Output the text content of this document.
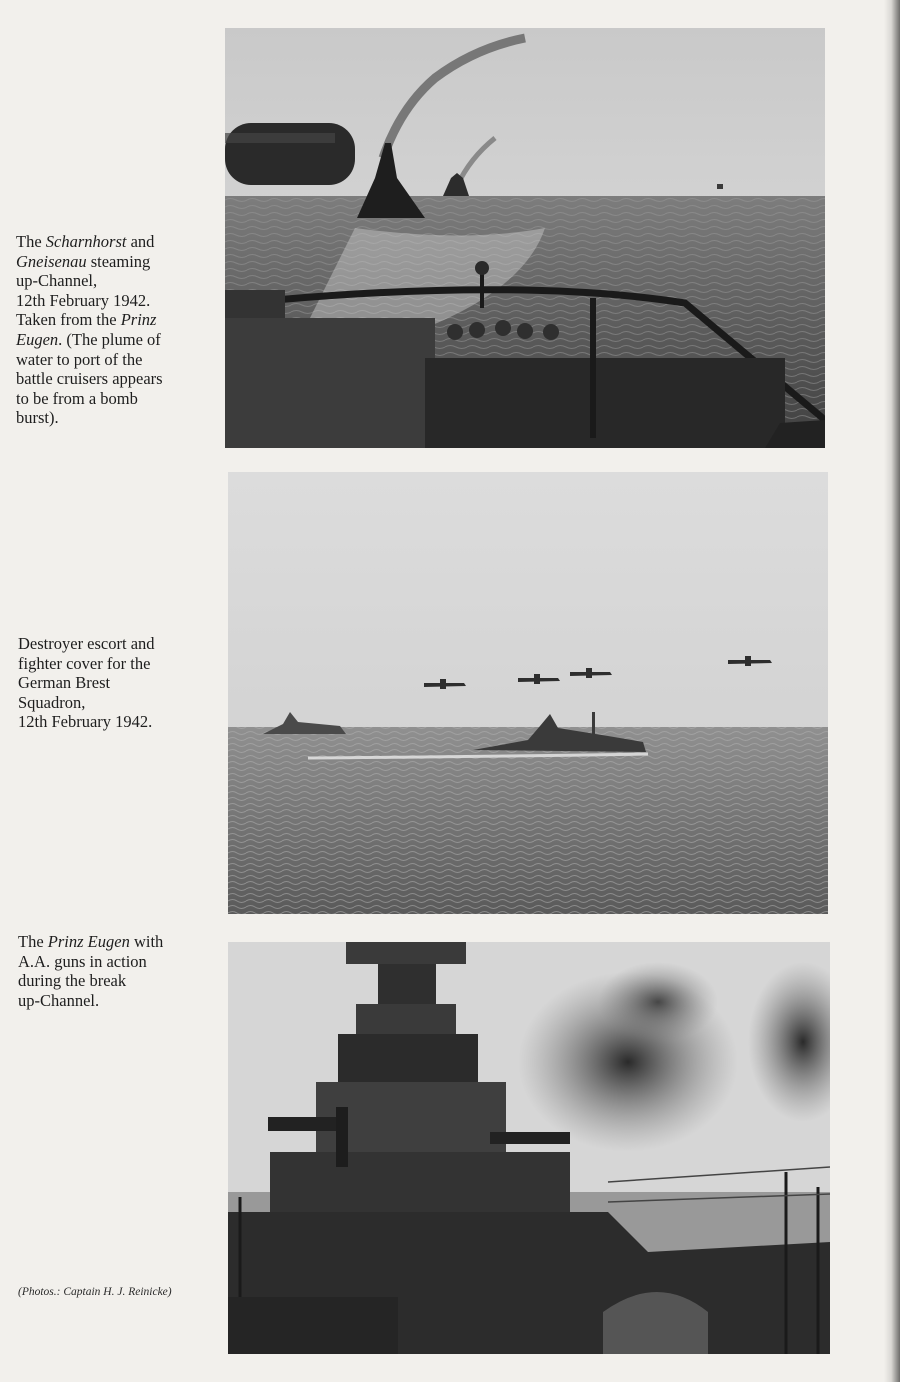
The Scharnhorst and
Gneisenau steaming
up-Channel,
12th February 1942.
Taken from the Prinz
Eugen. (The plume of
water to port of the
battle cruisers appears
to be from a bomb
burst).
Destroyer escort and
fighter cover for the
German Brest
Squadron,
12th February 1942.
The Prinz Eugen with
A.A. guns in action
during the break
up-Channel.
(Photos.: Captain H. J. Reinicke)
